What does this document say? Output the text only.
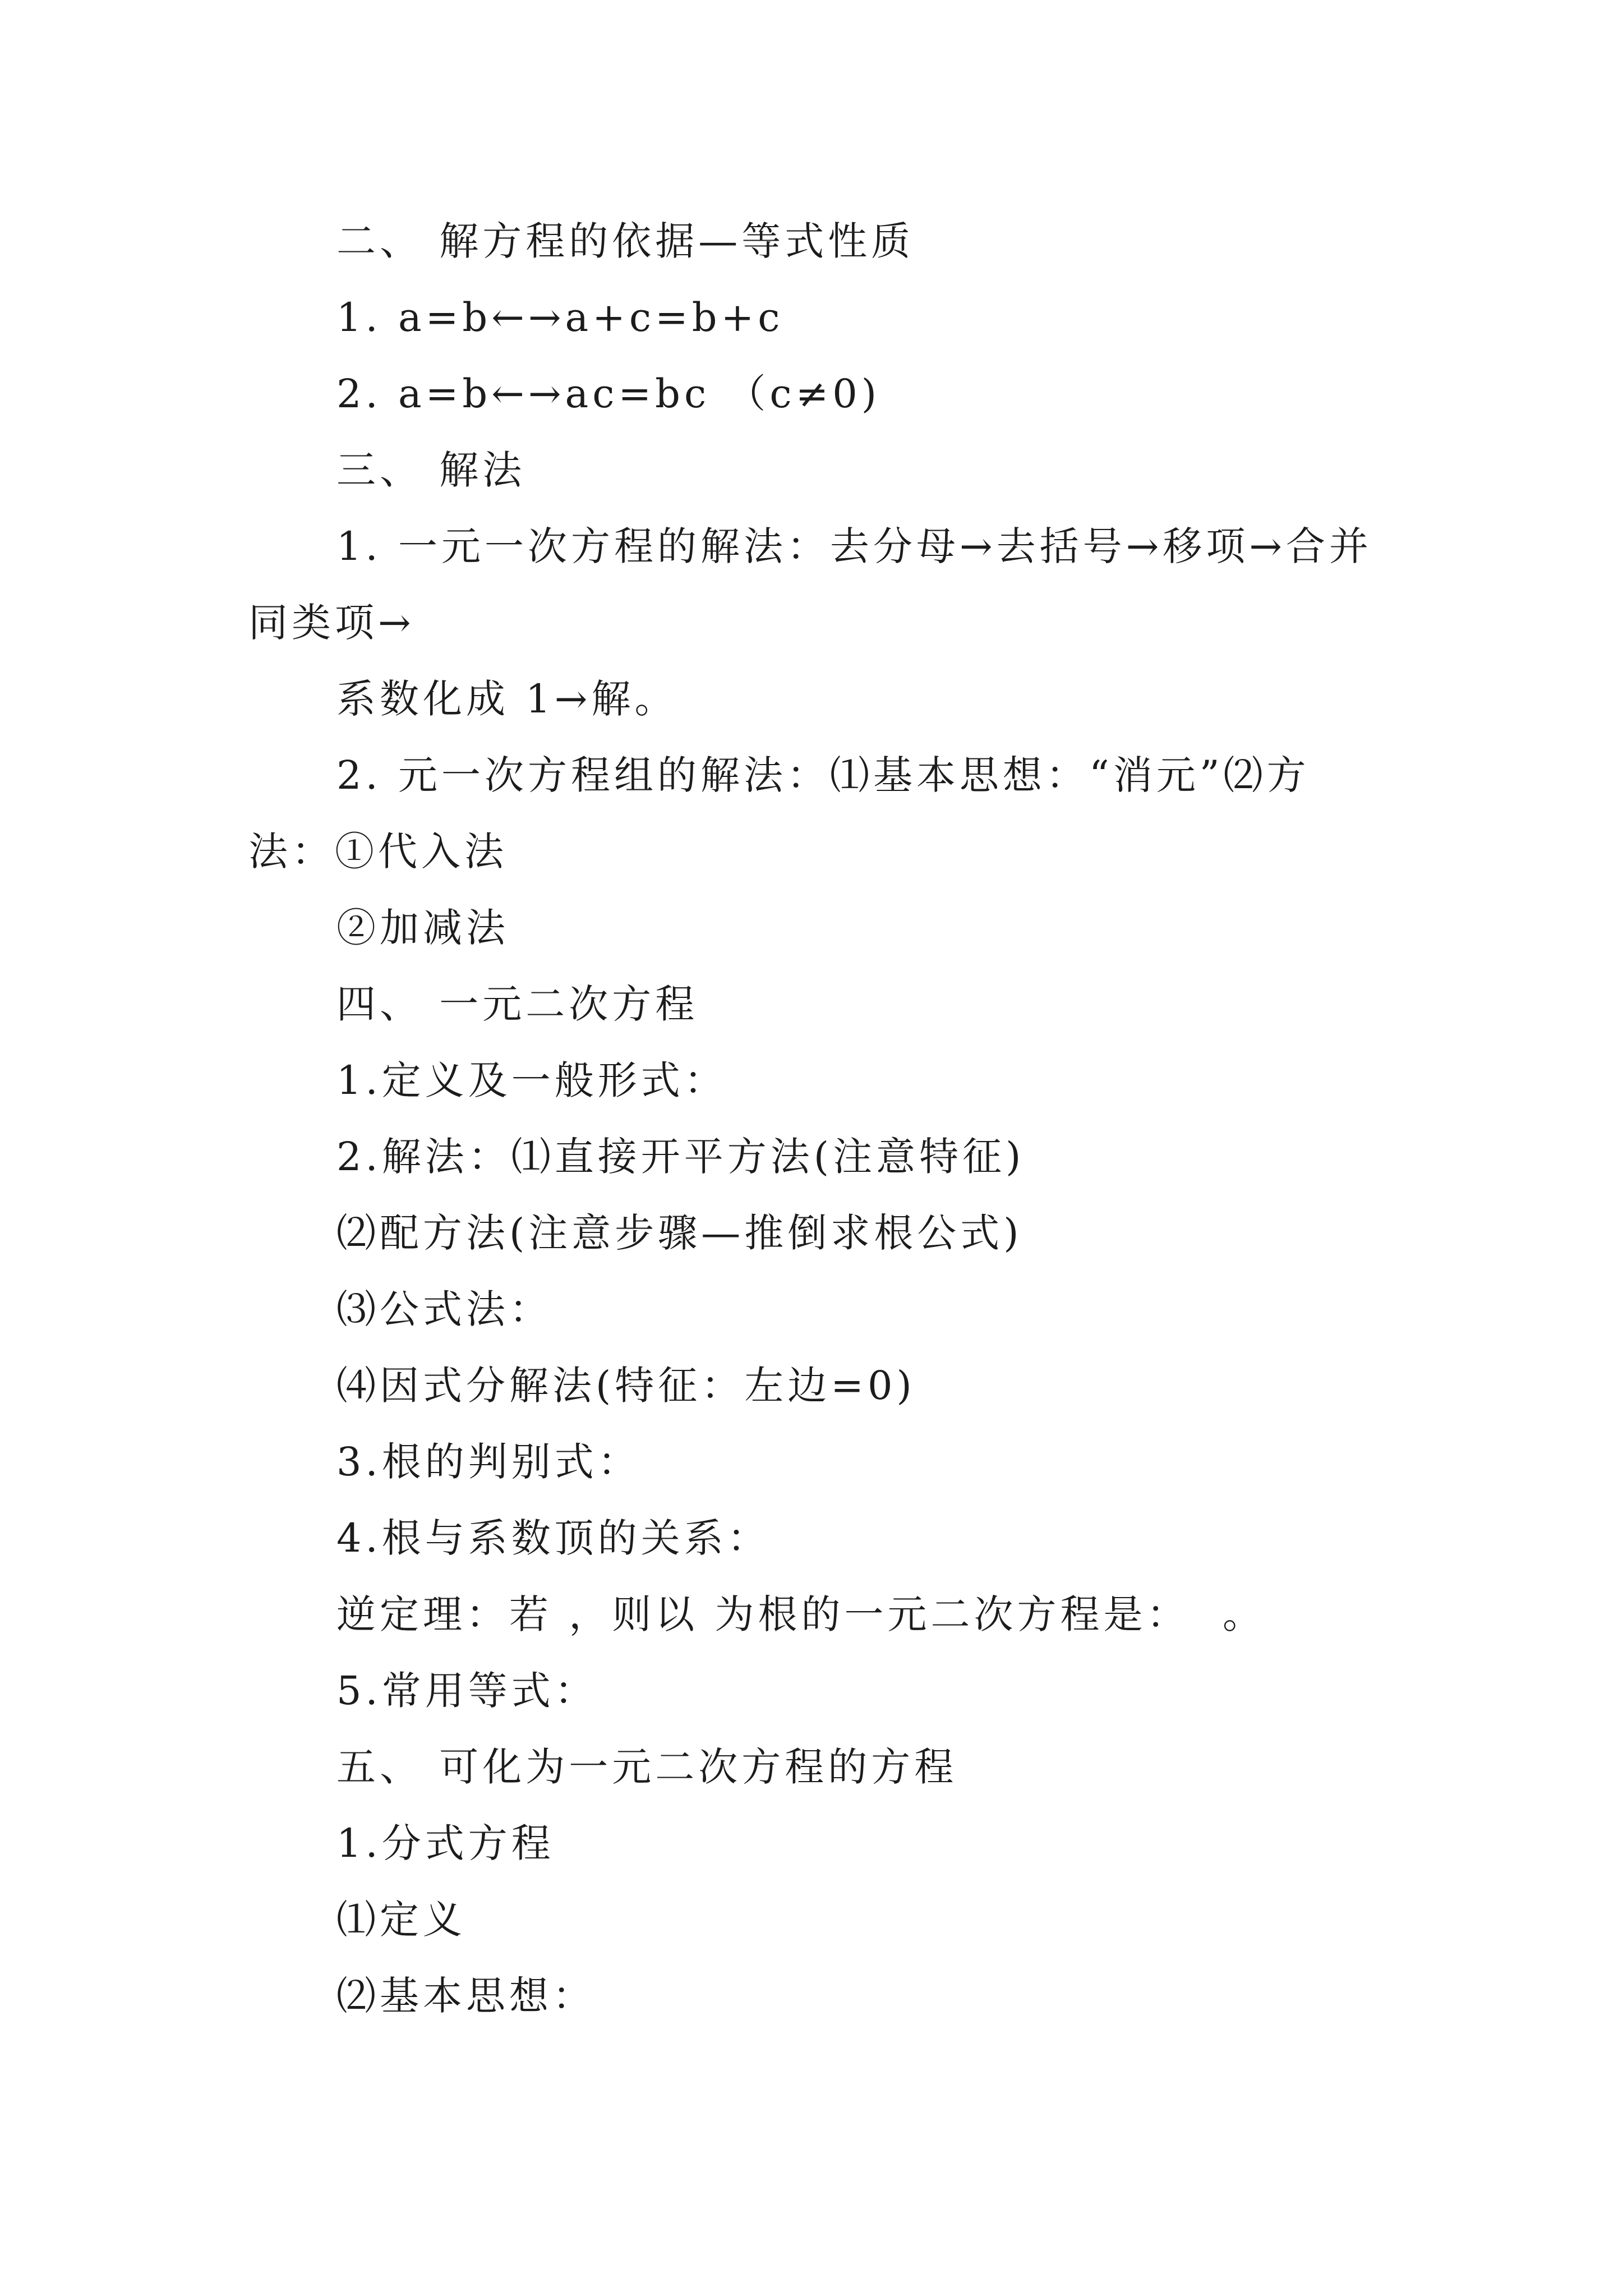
二、 解方程的依据—等式性质
1. a=b←→a+c=b+c
2. a=b←→ac=bc （c≠0)
三、 解法
1. 一元一次方程的解法：去分母→去括号→移项→合并
同类项→
系数化成 1→解。
2. 元一次方程组的解法：⑴基本思想：“消元”⑵方
法：①代入法
②加减法
四、 一元二次方程
1.定义及一般形式：
2.解法：⑴直接开平方法(注意特征)
⑵配方法(注意步骤—推倒求根公式)
⑶公式法：
⑷因式分解法(特征：左边=0)
3.根的判别式：
4.根与系数顶的关系：
逆定理：若 ，则以 为根的一元二次方程是：  。
5.常用等式：
五、 可化为一元二次方程的方程
1.分式方程
⑴定义
⑵基本思想：
